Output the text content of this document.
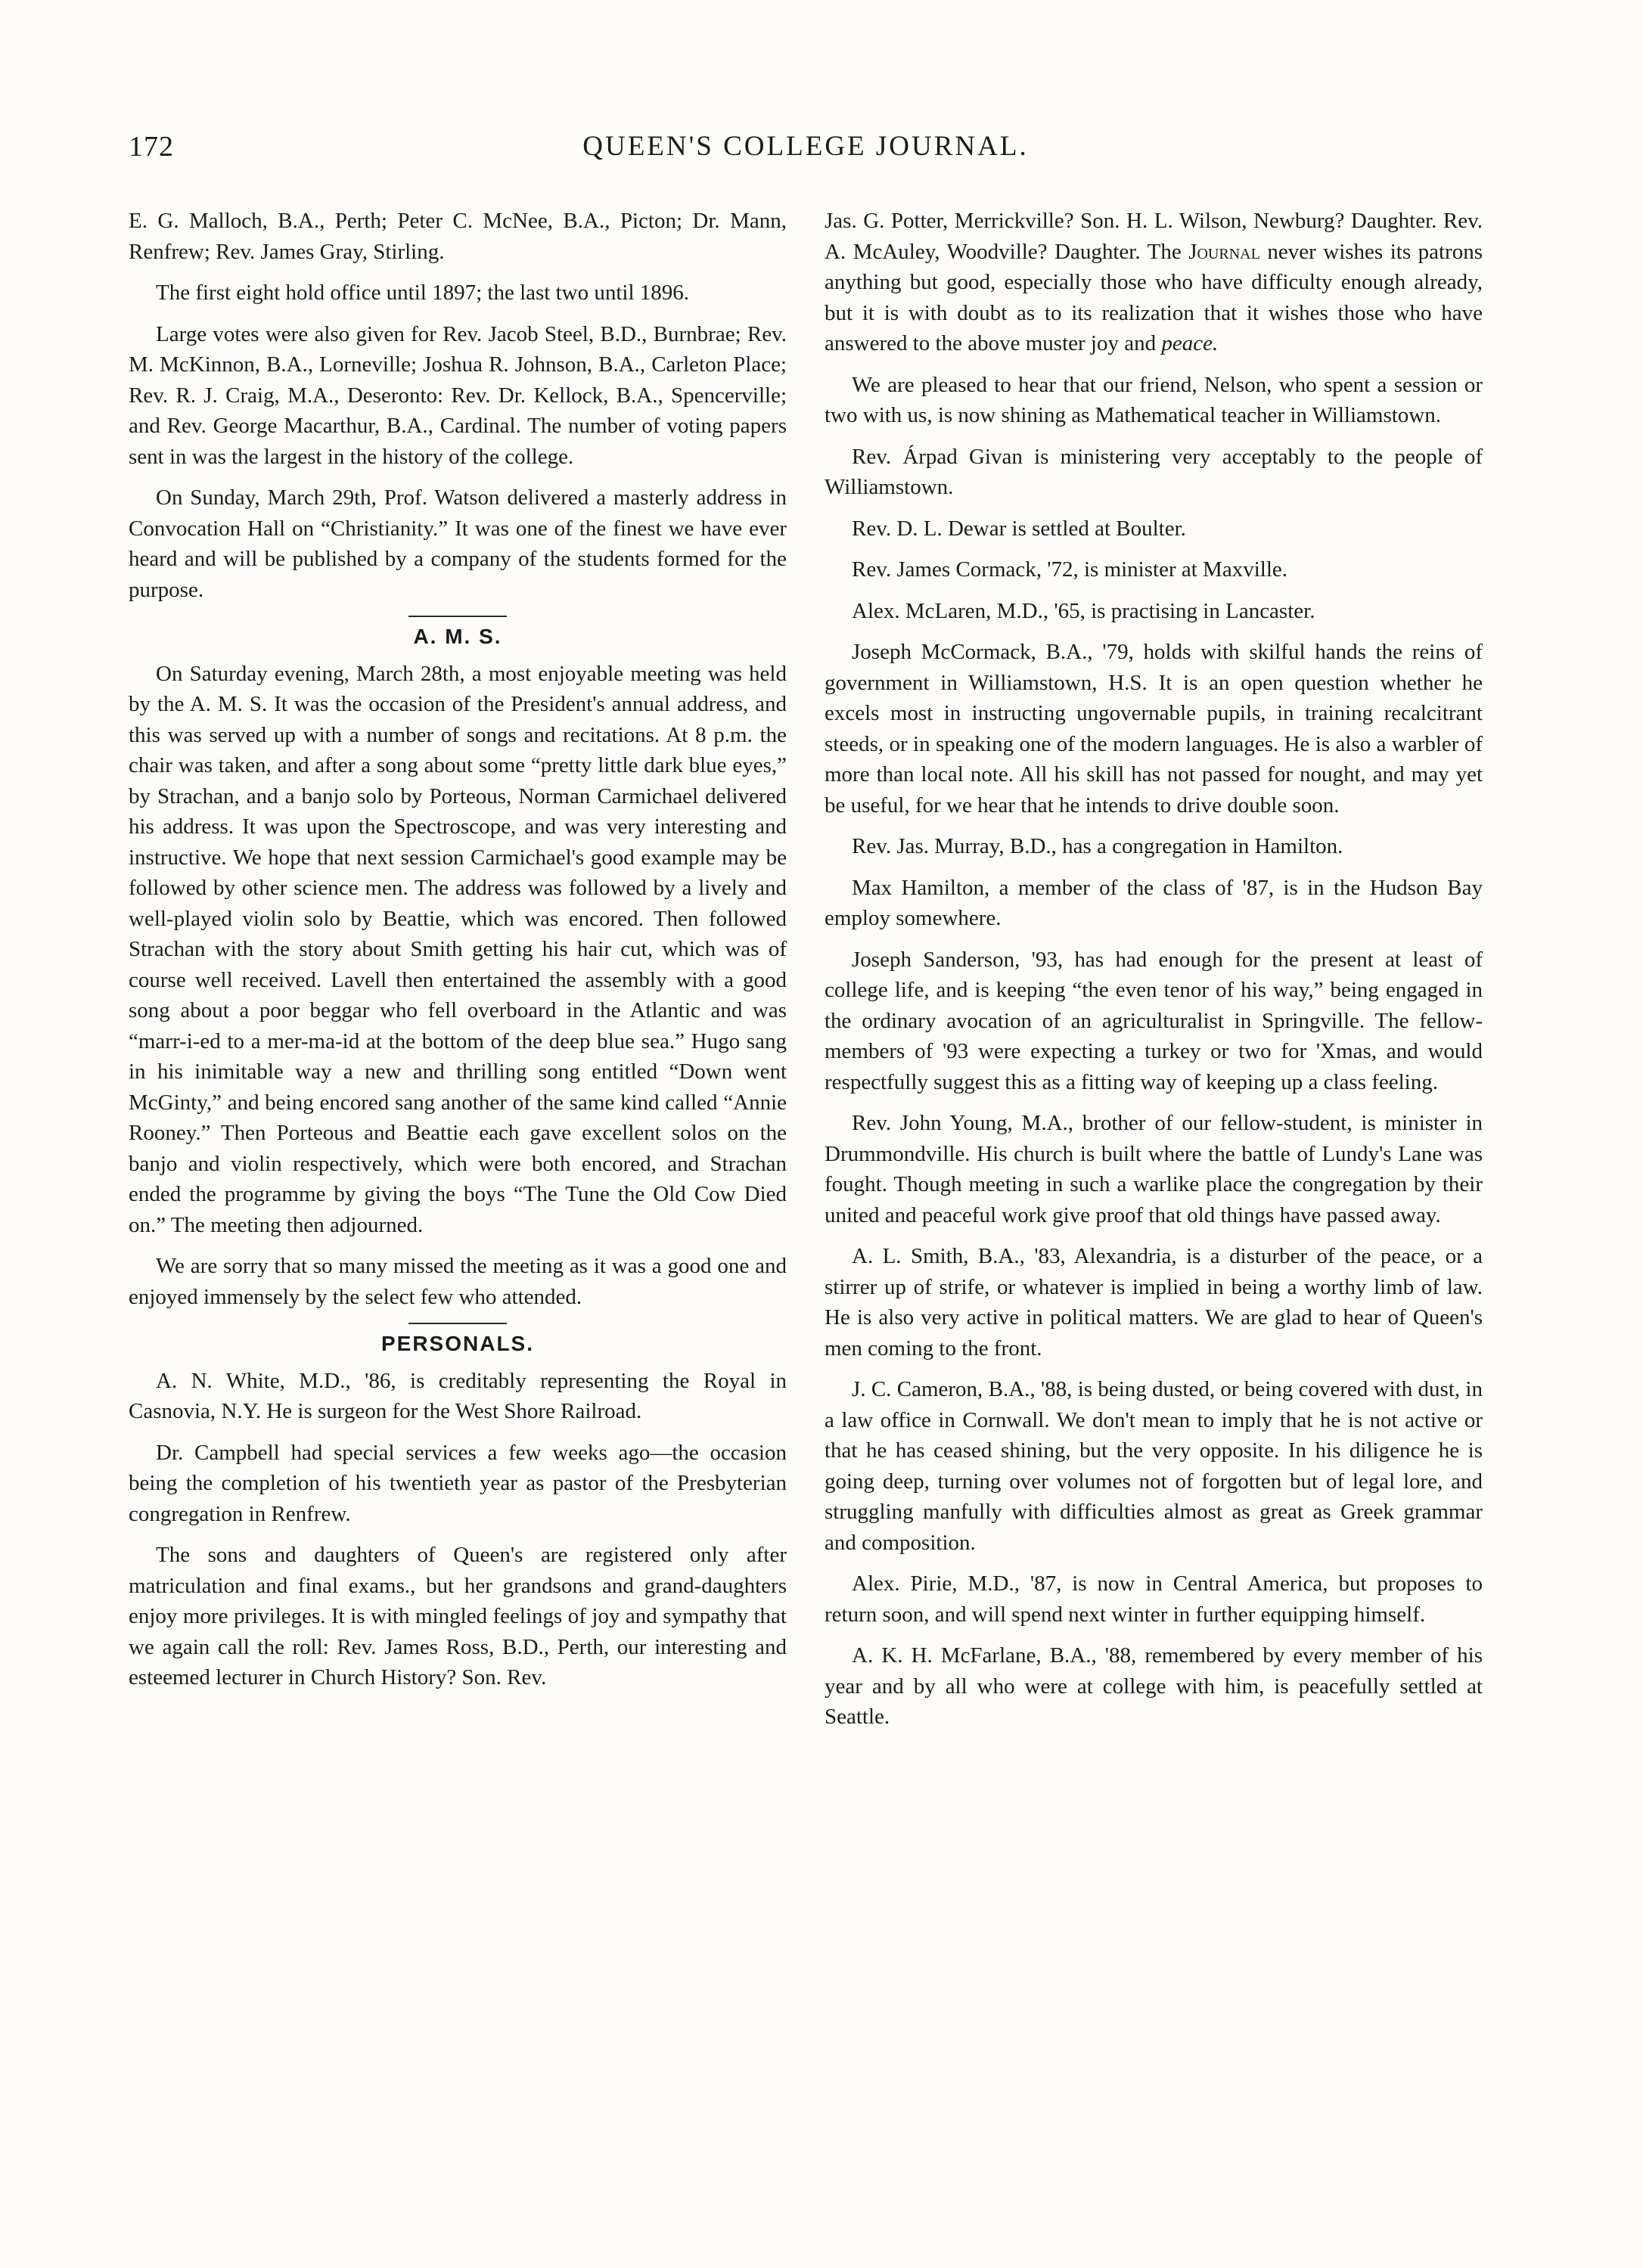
172	QUEEN'S COLLEGE JOURNAL.

E. G. Malloch, B.A., Perth; Peter C. McNee, B.A., Picton; Dr. Mann, Renfrew; Rev. James Gray, Stirling.

The first eight hold office until 1897; the last two until 1896.

Large votes were also given for Rev. Jacob Steel, B.D., Burnbrae; Rev. M. McKinnon, B.A., Lorneville; Joshua R. Johnson, B.A., Carleton Place; Rev. R. J. Craig, M.A., Deseronto: Rev. Dr. Kellock, B.A., Spencerville; and Rev. George Macarthur, B.A., Cardinal. The number of voting papers sent in was the largest in the history of the college.

On Sunday, March 29th, Prof. Watson delivered a masterly address in Convocation Hall on “Christianity.” It was one of the finest we have ever heard and will be published by a company of the students formed for the purpose.

A. M. S.

On Saturday evening, March 28th, a most enjoyable meeting was held by the A. M. S. It was the occasion of the President's annual address, and this was served up with a number of songs and recitations. At 8 p.m. the chair was taken, and after a song about some “pretty little dark blue eyes,” by Strachan, and a banjo solo by Porteous, Norman Carmichael delivered his address. It was upon the Spectroscope, and was very interesting and instructive. We hope that next session Carmichael's good example may be followed by other science men. The address was followed by a lively and well-played violin solo by Beattie, which was encored. Then followed Strachan with the story about Smith getting his hair cut, which was of course well received. Lavell then entertained the assembly with a good song about a poor beggar who fell overboard in the Atlantic and was “marr-i-ed to a mer-ma-id at the bottom of the deep blue sea.” Hugo sang in his inimitable way a new and thrilling song entitled “Down went McGinty,” and being encored sang another of the same kind called “Annie Rooney.” Then Porteous and Beattie each gave excellent solos on the banjo and violin respectively, which were both encored, and Strachan ended the programme by giving the boys “The Tune the Old Cow Died on.” The meeting then adjourned.

We are sorry that so many missed the meeting as it was a good one and enjoyed immensely by the select few who attended.

PERSONALS.

A. N. White, M.D., '86, is creditably representing the Royal in Casnovia, N.Y. He is surgeon for the West Shore Railroad.

Dr. Campbell had special services a few weeks ago—the occasion being the completion of his twentieth year as pastor of the Presbyterian congregation in Renfrew.

The sons and daughters of Queen's are registered only after matriculation and final exams., but her grandsons and grand-daughters enjoy more privileges. It is with mingled feelings of joy and sympathy that we again call the roll: Rev. James Ross, B.D., Perth, our interesting and esteemed lecturer in Church History? Son. Rev.

Jas. G. Potter, Merrickville? Son. H. L. Wilson, Newburg? Daughter. Rev. A. McAuley, Woodville? Daughter. The Journal never wishes its patrons anything but good, especially those who have difficulty enough already, but it is with doubt as to its realization that it wishes those who have answered to the above muster joy and peace.

We are pleased to hear that our friend, Nelson, who spent a session or two with us, is now shining as Mathematical teacher in Williamstown.

Rev. Árpad Givan is ministering very acceptably to the people of Williamstown.

Rev. D. L. Dewar is settled at Boulter.

Rev. James Cormack, '72, is minister at Maxville.

Alex. McLaren, M.D., '65, is practising in Lancaster.

Joseph McCormack, B.A., '79, holds with skilful hands the reins of government in Williamstown, H.S. It is an open question whether he excels most in instructing ungovernable pupils, in training recalcitrant steeds, or in speaking one of the modern languages. He is also a warbler of more than local note. All his skill has not passed for nought, and may yet be useful, for we hear that he intends to drive double soon.

Rev. Jas. Murray, B.D., has a congregation in Hamilton.

Max Hamilton, a member of the class of '87, is in the Hudson Bay employ somewhere.

Joseph Sanderson, '93, has had enough for the present at least of college life, and is keeping “the even tenor of his way,” being engaged in the ordinary avocation of an agriculturalist in Springville. The fellow-members of '93 were expecting a turkey or two for 'Xmas, and would respectfully suggest this as a fitting way of keeping up a class feeling.

Rev. John Young, M.A., brother of our fellow-student, is minister in Drummondville. His church is built where the battle of Lundy's Lane was fought. Though meeting in such a warlike place the congregation by their united and peaceful work give proof that old things have passed away.

A. L. Smith, B.A., '83, Alexandria, is a disturber of the peace, or a stirrer up of strife, or whatever is implied in being a worthy limb of law. He is also very active in political matters. We are glad to hear of Queen's men coming to the front.

J. C. Cameron, B.A., '88, is being dusted, or being covered with dust, in a law office in Cornwall. We don't mean to imply that he is not active or that he has ceased shining, but the very opposite. In his diligence he is going deep, turning over volumes not of forgotten but of legal lore, and struggling manfully with difficulties almost as great as Greek grammar and composition.

Alex. Pirie, M.D., '87, is now in Central America, but proposes to return soon, and will spend next winter in further equipping himself.

A. K. H. McFarlane, B.A., '88, remembered by every member of his year and by all who were at college with him, is peacefully settled at Seattle.
